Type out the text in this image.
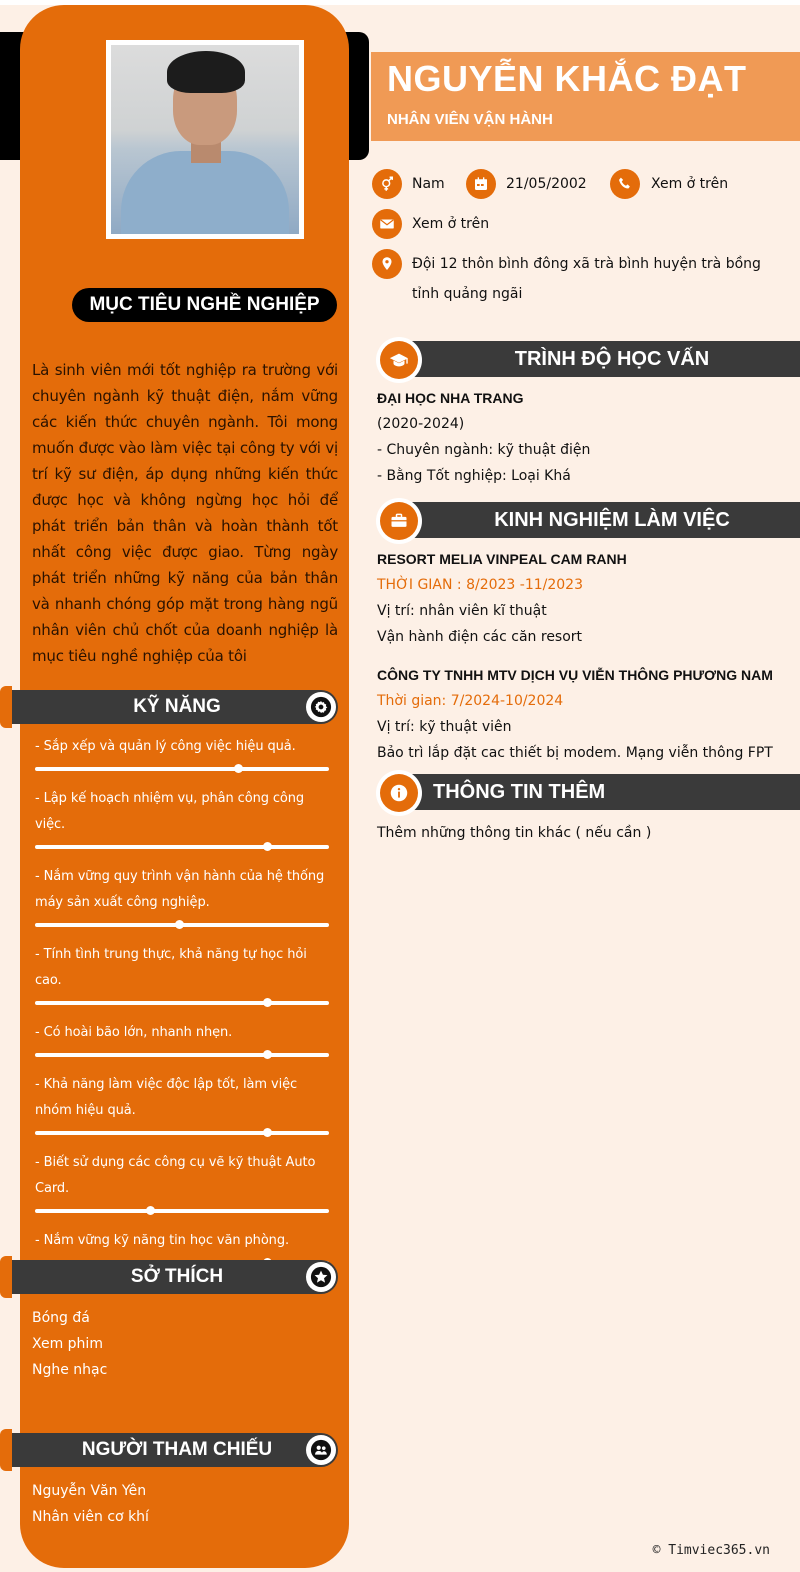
MỤC TIÊU NGHỀ NGHIỆP
Là sinh viên mới tốt nghiệp ra trường với chuyên ngành kỹ thuật điện, nắm vững các kiến thức chuyên ngành. Tôi mong muốn được vào làm việc tại công ty với vị trí kỹ sư điện, áp dụng những kiến thức được học và không ngừng học hỏi để phát triển bản thân và hoàn thành tốt nhất công việc được giao. Từng ngày phát triển những kỹ năng của bản thân và nhanh chóng góp mặt trong hàng ngũ nhân viên chủ chốt của doanh nghiệp là mục tiêu nghề nghiệp của tôi
KỸ NĂNG
- Sắp xếp và quản lý công việc hiệu quả.
- Lập kế hoạch nhiệm vụ, phân công công việc.
- Nắm vững quy trình vận hành của hệ thống máy sản xuất công nghiệp.
- Tính tình trung thực, khả năng tự học hỏi cao.
- Có hoài bão lớn, nhanh nhẹn.
- Khả năng làm việc độc lập tốt, làm việc nhóm hiệu quả.
- Biết sử dụng các công cụ vẽ kỹ thuật Auto Card.
- Nắm vững kỹ năng tin học văn phòng.
SỞ THÍCH
Bóng đá
Xem phim
Nghe nhạc
NGƯỜI THAM CHIẾU
Nguyễn Văn Yên
Nhân viên cơ khí
NGUYỄN KHẮC ĐẠT
NHÂN VIÊN VẬN HÀNH
Nam	21/05/2002	Xem ở trên
Xem ở trên
Đội 12 thôn bình đông xã trà bình huyện trà bồng tỉnh quảng ngãi
TRÌNH ĐỘ HỌC VẤN
ĐẠI HỌC NHA TRANG
(2020-2024)
- Chuyên ngành: kỹ thuật điện
- Bằng Tốt nghiệp: Loại Khá
KINH NGHIỆM LÀM VIỆC
RESORT MELIA VINPEAL CAM RANH
THỜI GIAN : 8/2023 -11/2023
Vị trí: nhân viên kĩ thuật
Vận hành điện các căn resort
CÔNG TY TNHH MTV DỊCH VỤ VIỄN THÔNG PHƯƠNG NAM
Thời gian: 7/2024-10/2024
Vị trí: kỹ thuật viên
Bảo trì lắp đặt cac thiết bị modem. Mạng viễn thông FPT
THÔNG TIN THÊM
Thêm những thông tin khác ( nếu cần )
© Timviec365.vn
